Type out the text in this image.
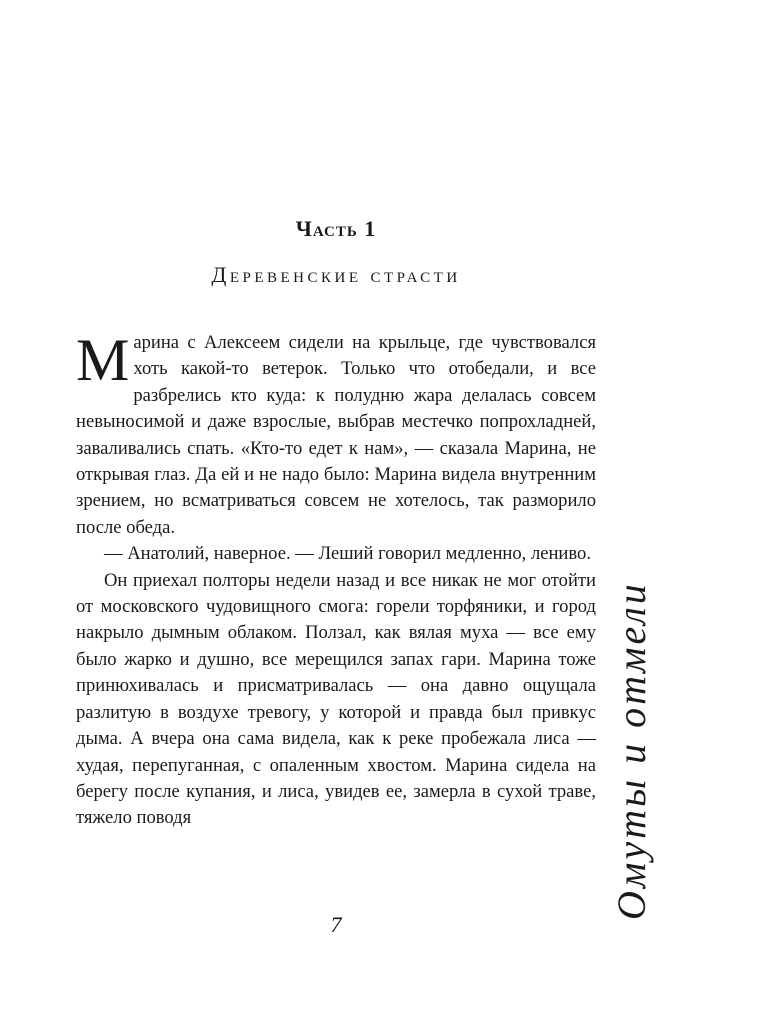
Часть 1
Деревенские страсти

Марина с Алексеем сидели на крыльце, где чувствовался хоть какой-то ветерок. Только что отобедали, и все разбрелись кто куда: к полудню жара делалась совсем невыносимой и даже взрослые, выбрав местечко попрохладней, заваливались спать. «Кто-то едет к нам», — сказала Марина, не открывая глаз. Да ей и не надо было: Марина видела внутренним зрением, но всматриваться совсем не хотелось, так разморило после обеда.

— Анатолий, наверное. — Леший говорил медленно, лениво.

Он приехал полторы недели назад и все никак не мог отойти от московского чудовищного смога: горели торфяники, и город накрыло дымным облаком. Ползал, как вялая муха — все ему было жарко и душно, все мерещился запах гари. Марина тоже принюхивалась и присматривалась — она давно ощущала разлитую в воздухе тревогу, у которой и правда был привкус дыма. А вчера она сама видела, как к реке пробежала лиса — худая, перепуганная, с опаленным хвостом. Марина сидела на берегу после купания, и лиса, увидев ее, замерла в сухой траве, тяжело поводя

7
Омуты и отмели
